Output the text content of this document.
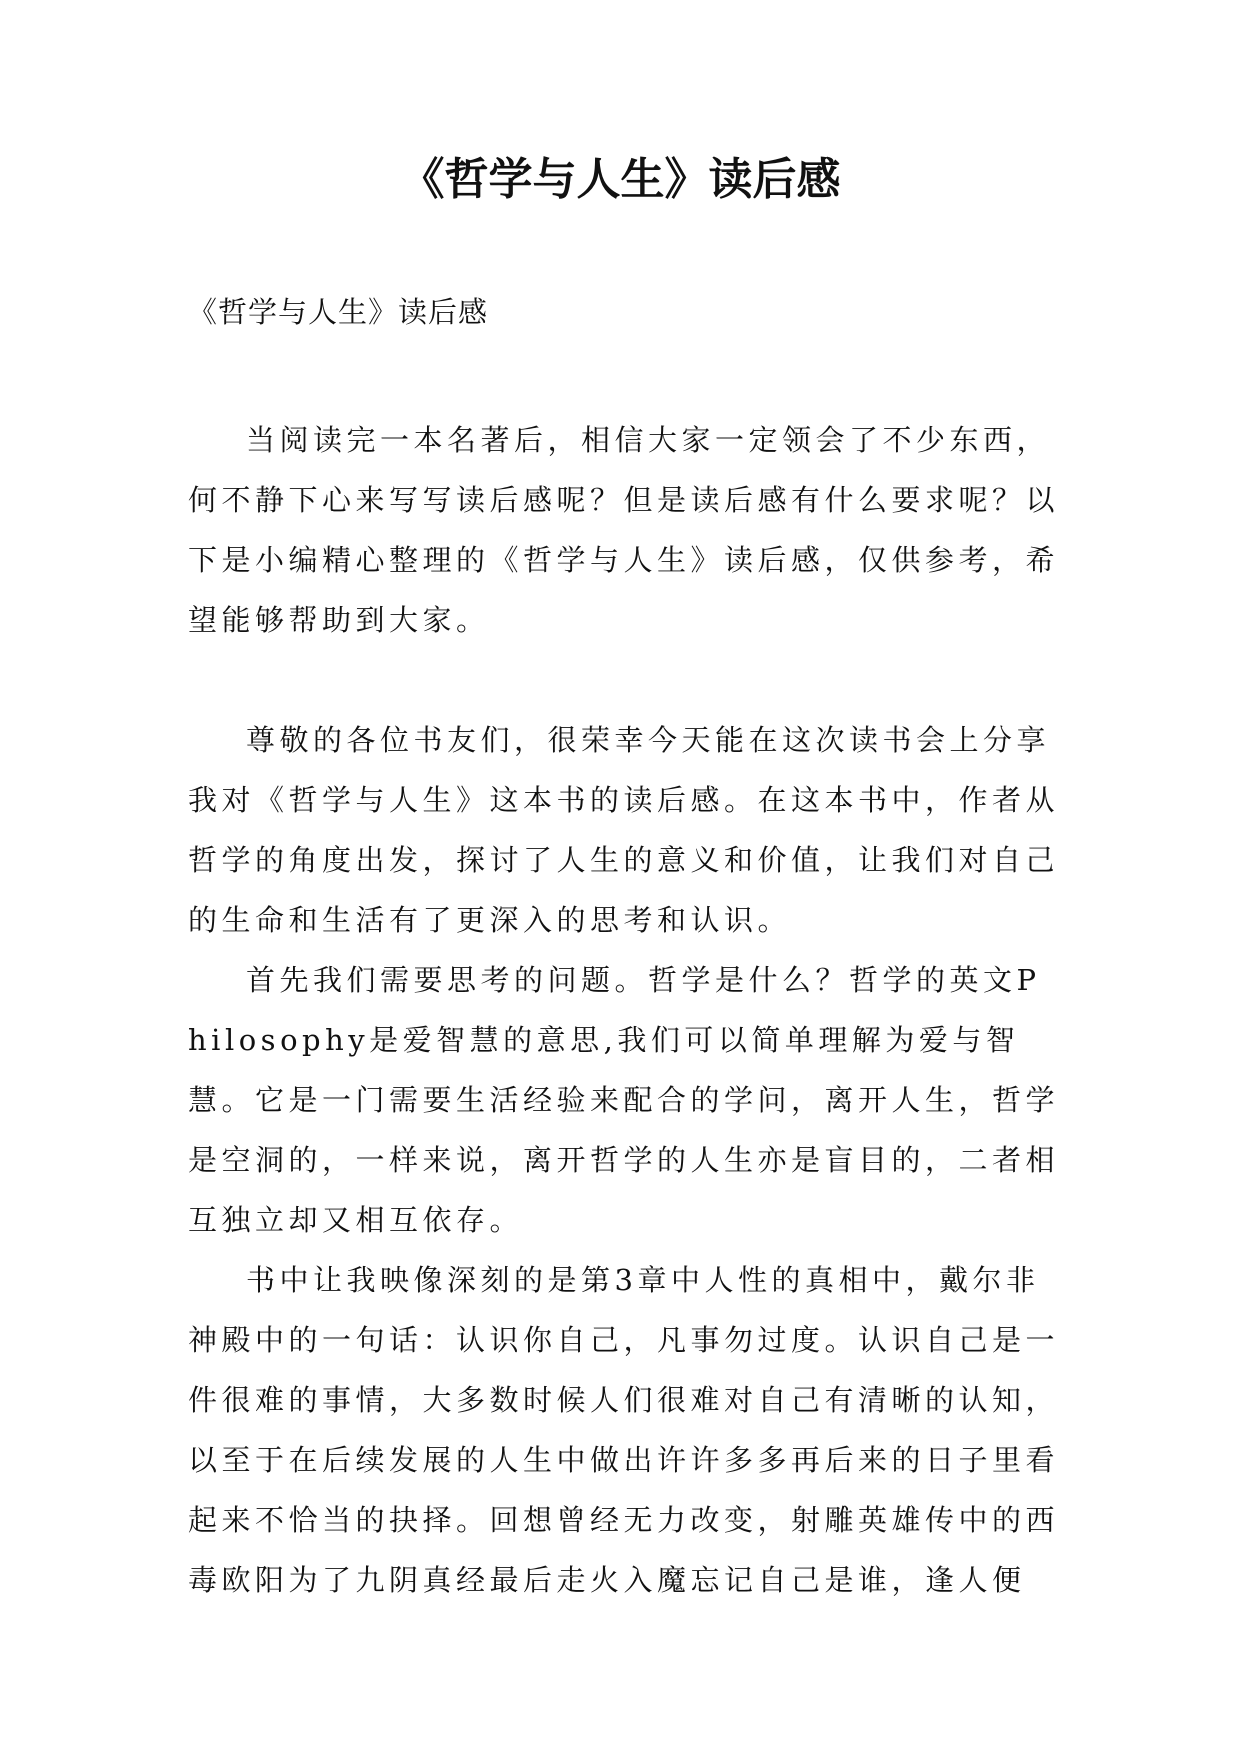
《哲学与人生》读后感

《哲学与人生》读后感

当阅读完一本名著后，相信大家一定领会了不少东西，何不静下心来写写读后感呢？但是读后感有什么要求呢？以下是小编精心整理的《哲学与人生》读后感，仅供参考，希望能够帮助到大家。

尊敬的各位书友们，很荣幸今天能在这次读书会上分享我对《哲学与人生》这本书的读后感。在这本书中，作者从哲学的角度出发，探讨了人生的意义和价值，让我们对自己的生命和生活有了更深入的思考和认识。

首先我们需要思考的问题。哲学是什么？哲学的英文Philosophy是爱智慧的意思,我们可以简单理解为爱与智慧。它是一门需要生活经验来配合的学问，离开人生，哲学是空洞的，一样来说，离开哲学的人生亦是盲目的，二者相互独立却又相互依存。

书中让我映像深刻的是第3章中人性的真相中，戴尔非神殿中的一句话：认识你自己，凡事勿过度。认识自己是一件很难的事情，大多数时候人们很难对自己有清晰的认知，以至于在后续发展的人生中做出许许多多再后来的日子里看起来不恰当的抉择。回想曾经无力改变，射雕英雄传中的西毒欧阳为了九阴真经最后走火入魔忘记自己是谁，逢人便
